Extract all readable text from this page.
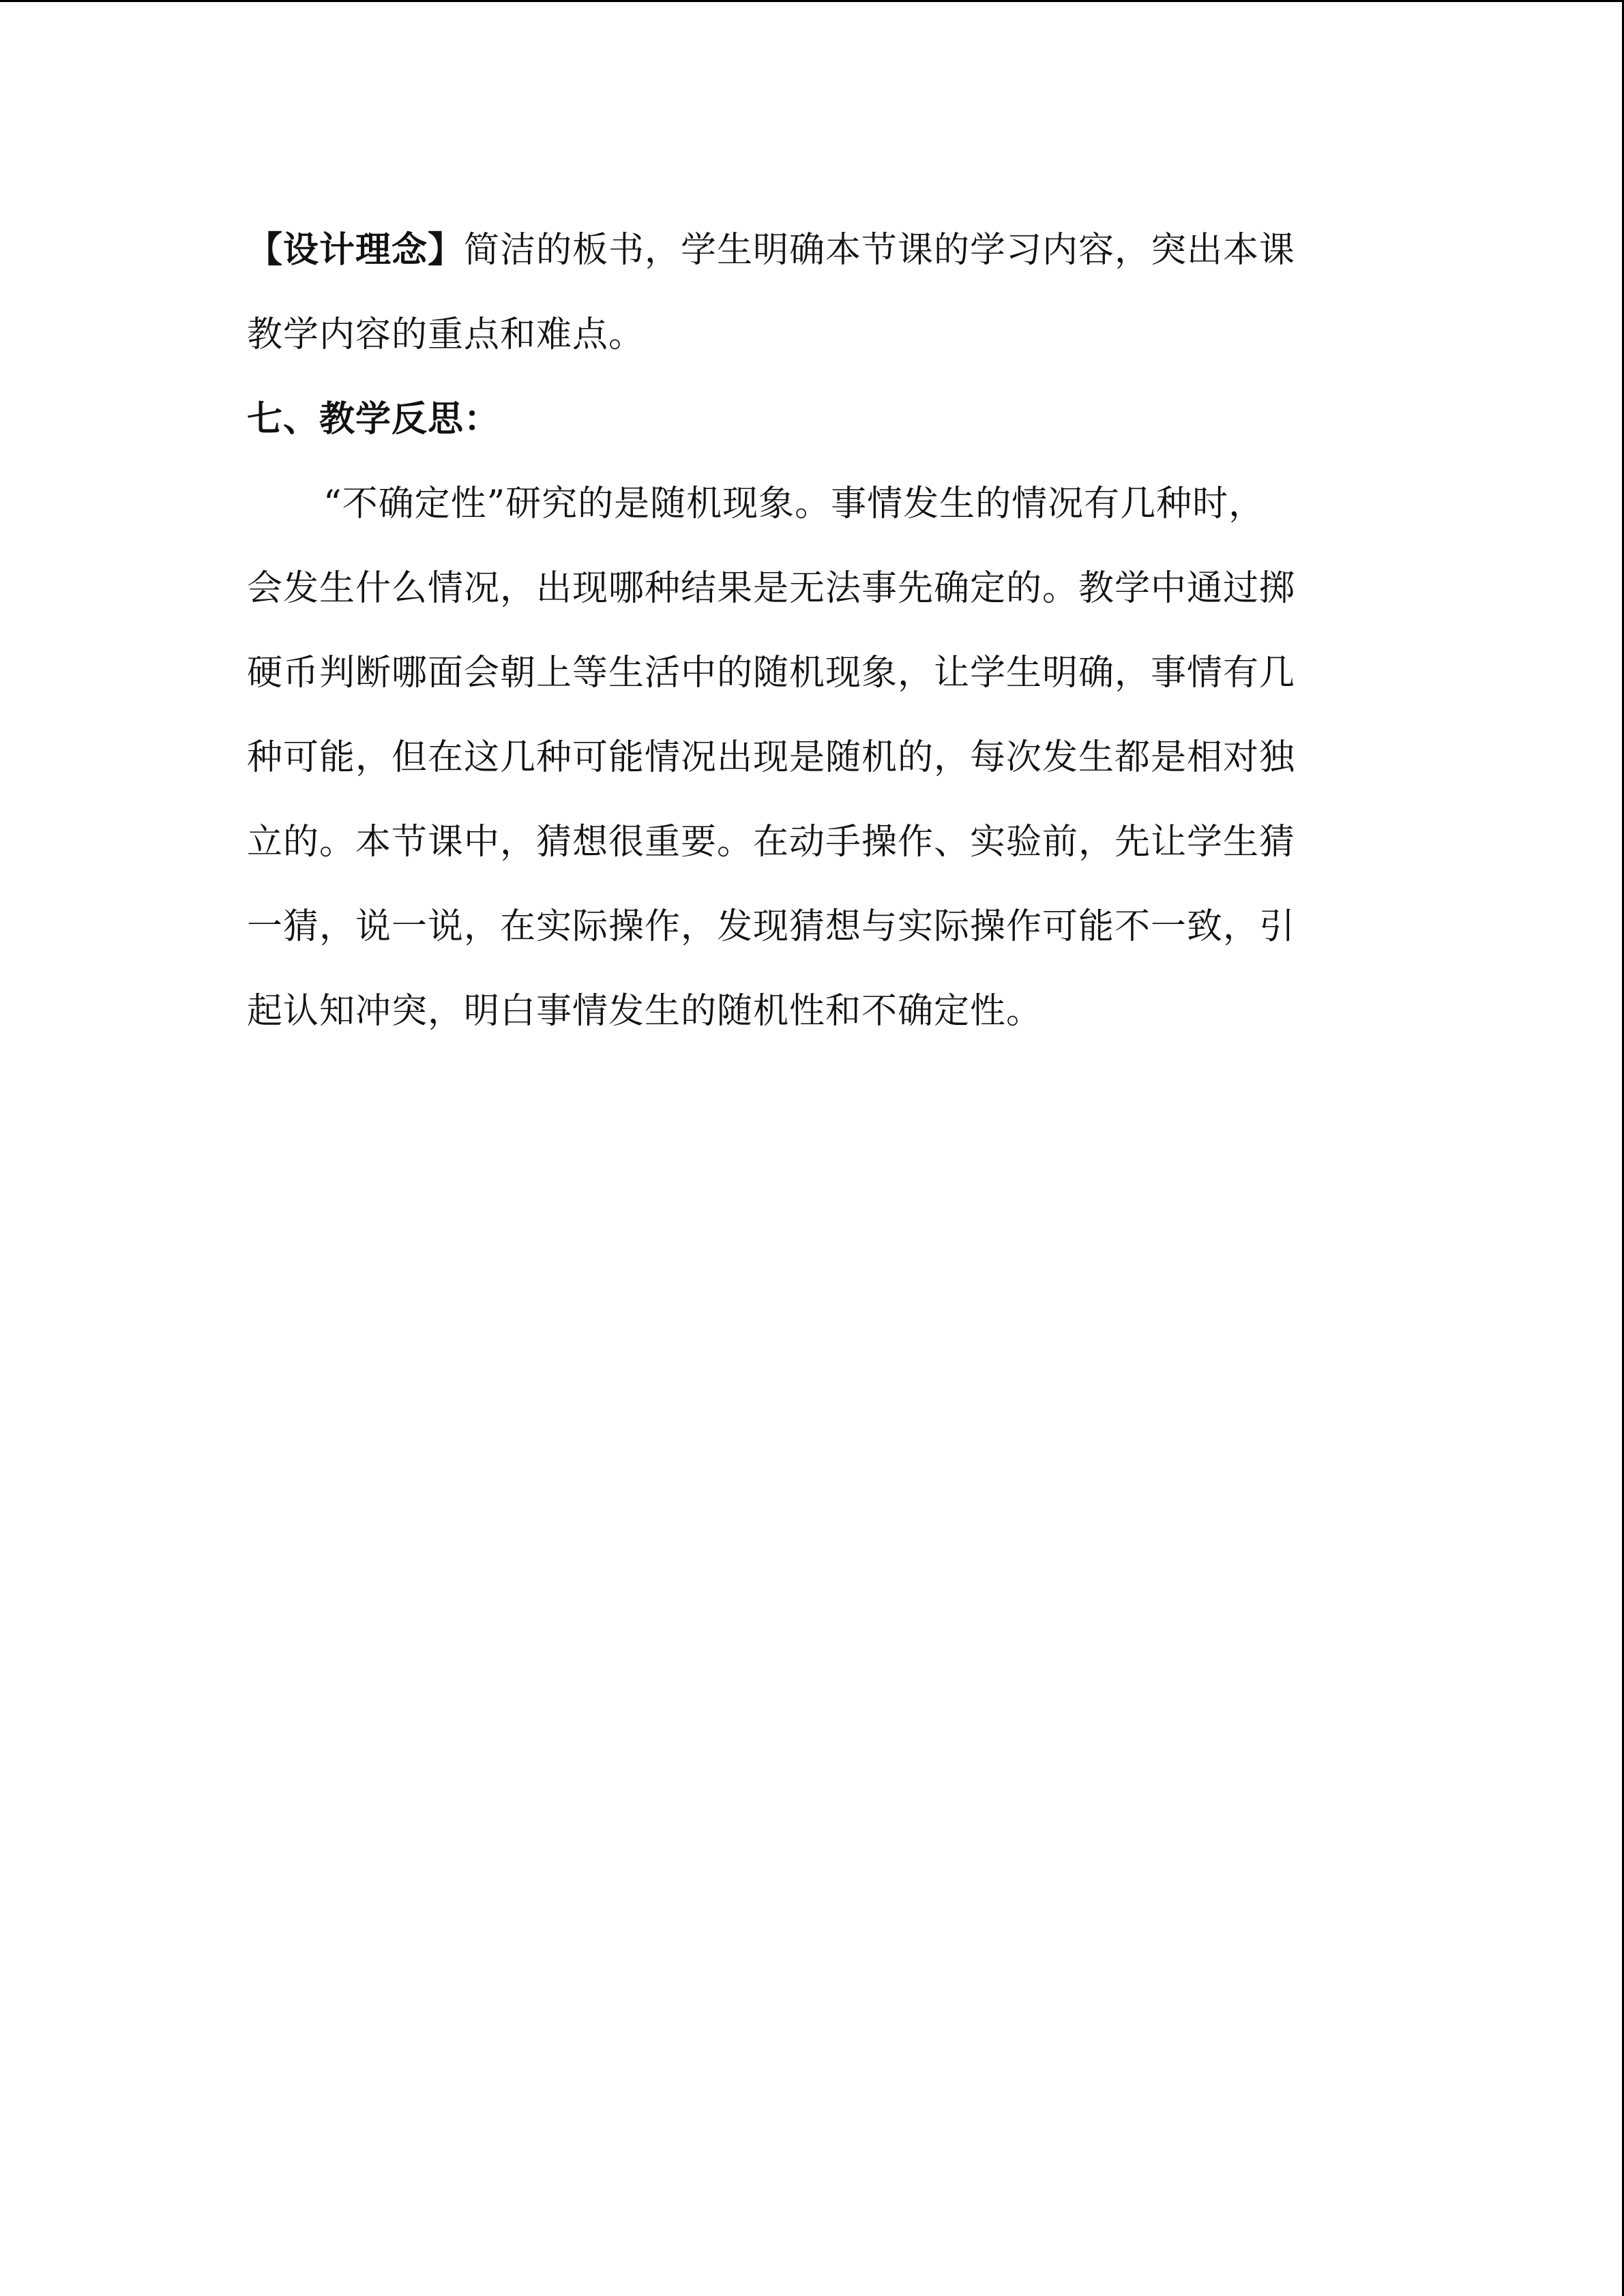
【设计理念】简洁的板书，学生明确本节课的学习内容，突出本课
教学内容的重点和难点。

七、教学反思：

“不确定性”研究的是随机现象。事情发生的情况有几种时，
会发生什么情况，出现哪种结果是无法事先确定的。教学中通过掷
硬币判断哪面会朝上等生活中的随机现象，让学生明确，事情有几
种可能，但在这几种可能情况出现是随机的，每次发生都是相对独
立的。本节课中，猜想很重要。在动手操作、实验前，先让学生猜
一猜，说一说，在实际操作，发现猜想与实际操作可能不一致，引
起认知冲突，明白事情发生的随机性和不确定性。
